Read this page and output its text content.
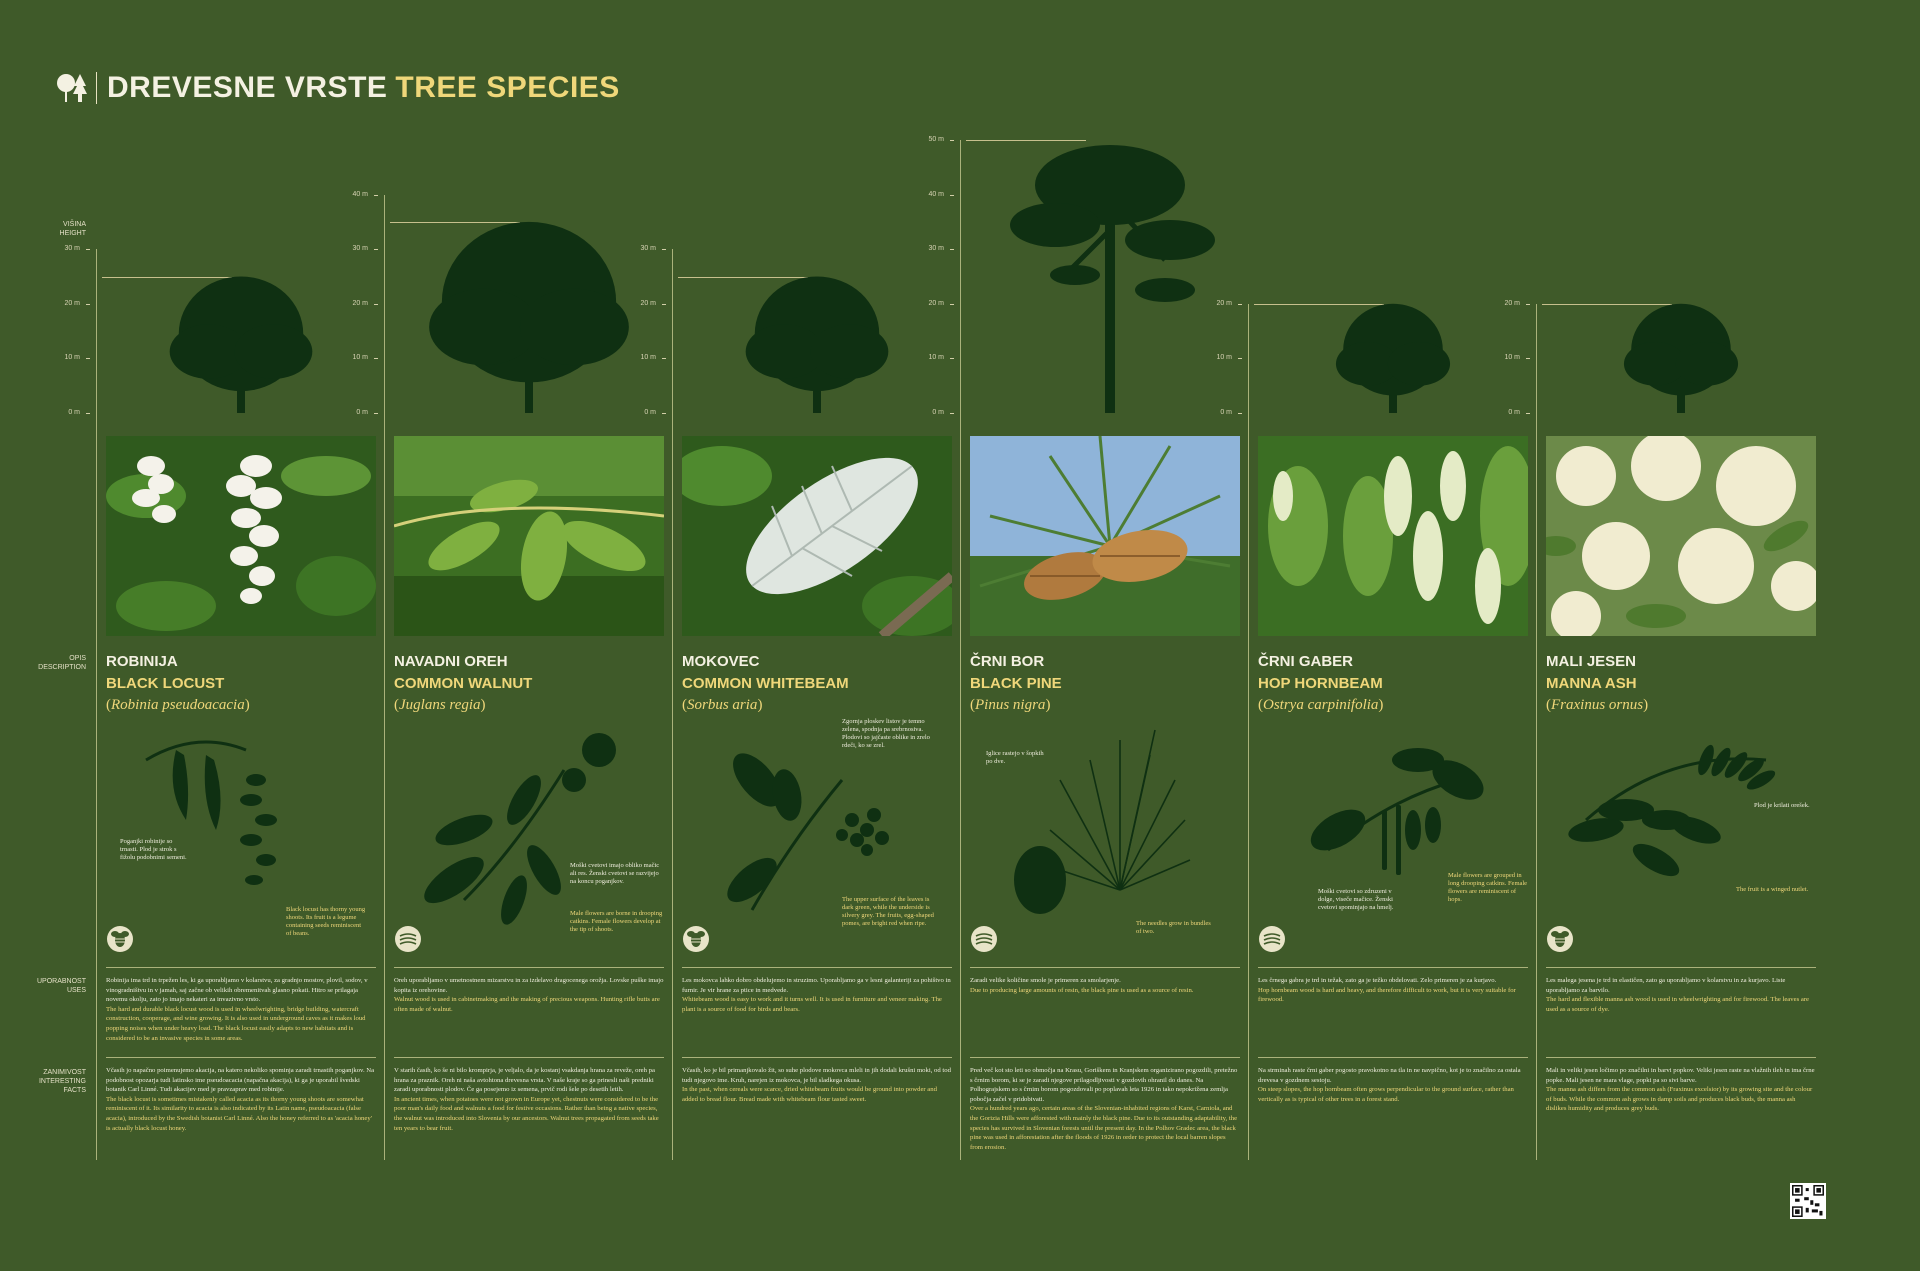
DREVESNE VRSTE TREE SPECIES
VIŠINA
HEIGHT
OPIS
DESCRIPTION
UPORABNOST
USES
ZANIMIVOST
INTERESTING
FACTS
0 m
10 m
20 m
30 m
ROBINIJA
BLACK LOCUST
(Robinia pseudoacacia)
Poganjki robinije so trnasti. Plod je strok s fižolu podobnimi semeni.
Black locust has thorny young shoots. Its fruit is a legume containing seeds reminiscent of beans.
Robinija ima trd in trpežen les, ki ga uporabljamo v kolarstvu, za gradnjo mostov, plovil, sodov, v vinogradništvu in v jamah, saj začne ob velikih obremenitvah glasno pokati. Hitro se prilagaja novemu okolju, zato jo imajo nekateri za invazivno vrsto.
The hard and durable black locust wood is used in wheelwrighting, bridge building, watercraft construction, cooperage, and wine growing. It is also used in underground caves as it makes loud popping noises when under heavy load. The black locust easily adapts to new habitats and is considered to be an invasive species in some areas.
Včasih jo napačno poimenujemo akacija, na katero nekoliko spominja zaradi trnastih poganjkov. Na podobnost opozarja tudi latinsko ime pseudoacacia (napačna akacija), ki ga je uporabil švedski botanik Carl Linné. Tudi akacijev med je pravzaprav med robinije.
The black locust is sometimes mistakenly called acacia as its thorny young shoots are somewhat reminiscent of it. Its similarity to acacia is also indicated by its Latin name, pseudoacacia (false acacia), introduced by the Swedish botanist Carl Linné. Also the honey referred to as 'acacia honey' is actually black locust honey.
0 m
10 m
20 m
30 m
40 m
NAVADNI OREH
COMMON WALNUT
(Juglans regia)
Moški cvetovi imajo obliko mačic ali res. Ženski cvetovi se razvijejo na koncu poganjkov.
Male flowers are borne in drooping catkins. Female flowers develop at the tip of shoots.
Oreh uporabljamo v umetnostnem mizarstvu in za izdelavo dragocenega orožja. Lovske puške imajo kopita iz orehovine.
Walnut wood is used in cabinetmaking and the making of precious weapons. Hunting rifle butts are often made of walnut.
V starih časih, ko še ni bilo krompirja, je veljalo, da je kostanj vsakdanja hrana za reveže, oreh pa hrana za praznik. Oreh ni naša avtohtona drevesna vrsta. V naše kraje so ga prinesli naši predniki zaradi uporabnosti plodov. Če ga posejemo iz semena, prvič rodi šele po desetih letih.
In ancient times, when potatoes were not grown in Europe yet, chestnuts were considered to be the poor man's daily food and walnuts a food for festive occasions. Rather than being a native species, the walnut was introduced into Slovenia by our ancestors. Walnut trees propagated from seeds take ten years to bear fruit.
0 m
10 m
20 m
30 m
MOKOVEC
COMMON WHITEBEAM
(Sorbus aria)
Zgornja ploskev listov je temno zelena, spodnja pa srebrnosiva. Plodovi so jajčaste oblike in zrelo rdeči, ko se zrel.
The upper surface of the leaves is dark green, while the underside is silvery grey. The fruits, egg-shaped pomes, are bright red when ripe.
Les mokovca lahko dobro obdelujemo in struzimo. Uporabljamo ga v lesni galanteriji za pohištvo in furnir. Je vir hrane za ptice in medvede.
Whitebeam wood is easy to work and it turns well. It is used in furniture and veneer making. The plant is a source of food for birds and bears.
Včasih, ko je bil primanjkovalo žit, so suhe plodove mokovca mleli in jih dodali krušni moki, od tod tudi njegovo ime. Kruh, narejen iz mokovca, je bil sladkega okusa.
In the past, when cereals were scarce, dried whitebeam fruits would be ground into powder and added to bread flour. Bread made with whitebeam flour tasted sweet.
0 m
10 m
20 m
30 m
40 m
50 m
ČRNI BOR
BLACK PINE
(Pinus nigra)
Iglice rastejo v šopkih po dve.
The needles grow in bundles of two.
Zaradi velike količine smole je primeren za smolarjenje.
Due to producing large amounts of resin, the black pine is used as a source of resin.
Pred več kot sto leti so območja na Krasu, Goriškem in Kranjskem organizirano pogozdili, pretežno s črnim borom, ki se je zaradi njegove prilagodljivosti v gozdovih ohranil do danes. Na Polhograjskem so s črnim borom pogozdovali po poplavah leta 1926 in tako nepokrižena zemlja pobočja začel v pridobivati.
Over a hundred years ago, certain areas of the Slovenian-inhabited regions of Karst, Carniola, and the Gorizia Hills were afforested with mainly the black pine. Due to its outstanding adaptability, the species has survived in Slovenian forests until the present day. In the Polhov Gradec area, the black pine was used in afforestation after the floods of 1926 in order to protect the local barren slopes from erosion.
0 m
10 m
20 m
ČRNI GABER
HOP HORNBEAM
(Ostrya carpinifolia)
Moški cvetovi so zdruzeni v dolge, viseče mačice. Ženski cvetovi spominjajo na hmelj.
Male flowers are grouped in long drooping catkins. Female flowers are reminiscent of hops.
Les črnega gabra je trd in težak, zato ga je težko obdelovati. Zelo primeren je za kurjavo.
Hop hornbeam wood is hard and heavy, and therefore difficult to work, but it is very suitable for firewood.
Na strminah raste črni gaber pogosto pravokotno na tla in ne navpično, kot je to značilno za ostala drevesa v gozdnem sestoju.
On steep slopes, the hop hornbeam often grows perpendicular to the ground surface, rather than vertically as is typical of other trees in a forest stand.
0 m
10 m
20 m
MALI JESEN
MANNA ASH
(Fraxinus ornus)
Plod je krilati orešek.
The fruit is a winged nutlet.
Les malega jesena je trd in elastičen, zato ga uporabljamo v kolarstvu in za kurjavo. Liste uporabljamo za barvilo.
The hard and flexible manna ash wood is used in wheelwrighting and for firewood. The leaves are used as a source of dye.
Mali in veliki jesen ločimo po značilni in barvi popkov. Veliki jesen raste na vlažnih tleh in ima črne popke. Mali jesen ne mara vlage, popki pa so sivi barve.
The manna ash differs from the common ash (Fraxinus excelsior) by its growing site and the colour of buds. While the common ash grows in damp soils and produces black buds, the manna ash dislikes humidity and produces grey buds.
